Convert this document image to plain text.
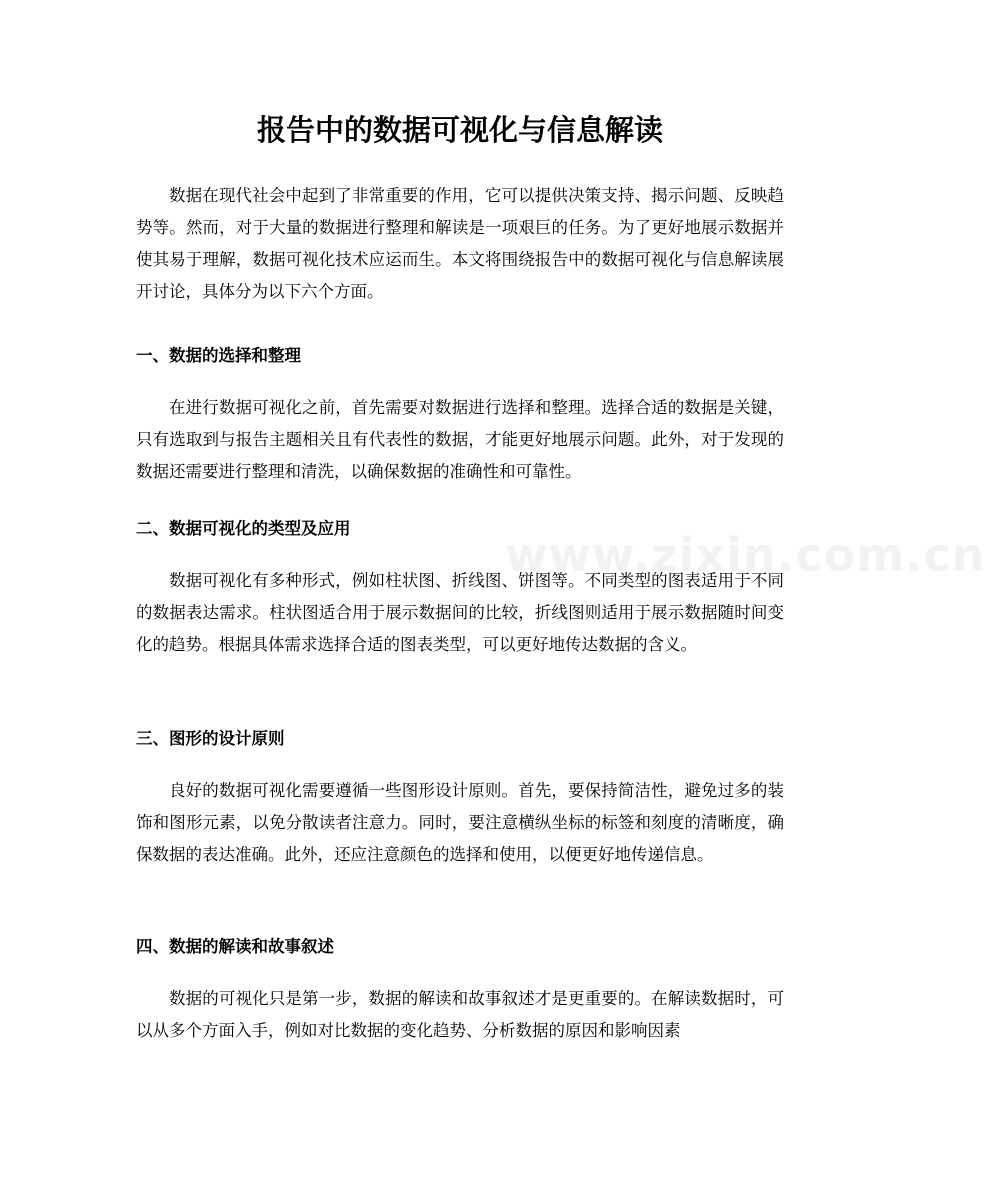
报告中的数据可视化与信息解读

数据在现代社会中起到了非常重要的作用，它可以提供决策支持、揭示问题、反映趋势等。然而，对于大量的数据进行整理和解读是一项艰巨的任务。为了更好地展示数据并使其易于理解，数据可视化技术应运而生。本文将围绕报告中的数据可视化与信息解读展开讨论，具体分为以下六个方面。

一、数据的选择和整理

在进行数据可视化之前，首先需要对数据进行选择和整理。选择合适的数据是关键，只有选取到与报告主题相关且有代表性的数据，才能更好地展示问题。此外，对于发现的数据还需要进行整理和清洗，以确保数据的准确性和可靠性。

二、数据可视化的类型及应用

数据可视化有多种形式，例如柱状图、折线图、饼图等。不同类型的图表适用于不同的数据表达需求。柱状图适合用于展示数据间的比较，折线图则适用于展示数据随时间变化的趋势。根据具体需求选择合适的图表类型，可以更好地传达数据的含义。

三、图形的设计原则

良好的数据可视化需要遵循一些图形设计原则。首先，要保持简洁性，避免过多的装饰和图形元素，以免分散读者注意力。同时，要注意横纵坐标的标签和刻度的清晰度，确保数据的表达准确。此外，还应注意颜色的选择和使用，以便更好地传递信息。

四、数据的解读和故事叙述

数据的可视化只是第一步，数据的解读和故事叙述才是更重要的。在解读数据时，可以从多个方面入手，例如对比数据的变化趋势、分析数据的原因和影响因素

www.zixin.com.cn
